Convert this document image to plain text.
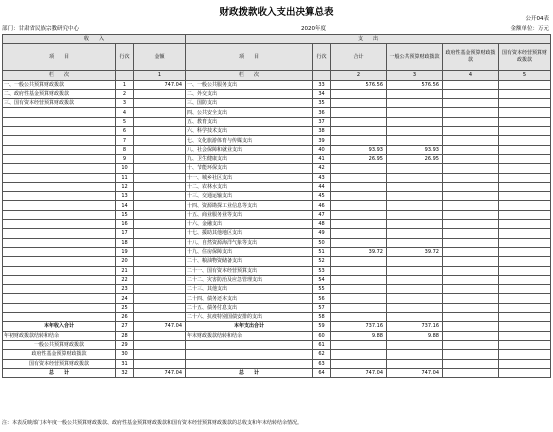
财政拨款收入支出决算总表
公开04表
部门：甘肃省民族宗教研究中心	2020年度	金额单位：万元
收　　入			支　　出					
项　　目	行次	金额	项　　目	行次	合计	一般公共预算财政拨款	政府性基金预算财政拨款	国有资本经营预算财政拨款
栏　　次		1	栏　　次		2	3	4	5
一、一般公共预算财政拨款	1	747.04	一、一般公共服务支出	33	576.56	576.56		
二、政府性基金预算财政拨款	2		二、外交支出	34				
三、国有资本经营预算财政拨款	3		三、国防支出	35				
	4		四、公共安全支出	36				
	5		五、教育支出	37				
	6		六、科学技术支出	38				
	7		七、文化旅游体育与传媒支出	39				
	8		八、社会保障和就业支出	40	93.93	93.93		
	9		九、卫生健康支出	41	26.95	26.95		
	10		十、节能环保支出	42				
	11		十一、城乡社区支出	43				
	12		十二、农林水支出	44				
	13		十三、交通运输支出	45				
	14		十四、资源勘探工业信息等支出	46				
	15		十五、商业服务业等支出	47				
	16		十六、金融支出	48				
	17		十七、援助其他地区支出	49				
	18		十八、自然资源海洋气象等支出	50				
	19		十九、住房保障支出	51	39.72	39.72		
	20		二十、粮油物资储备支出	52				
	21		二十一、国有资本经营预算支出	53				
	22		二十二、灾害防治及应急管理支出	54				
	23		二十三、其他支出	55				
	24		二十四、债务还本支出	56				
	25		二十五、债务付息支出	57				
	26		二十六、抗疫特别国债安排的支出	58				
本年收入合计	27	747.04	本年支出合计	59	737.16	737.16		
年初财政拨款结转和结余	28		年末财政拨款结转和结余	60	9.88	9.88		
一般公共预算财政拨款	29			61				
政府性基金预算财政拨款	30			62				
国有资本经营预算财政拨款	31			63				
总　　计	32	747.04	总　　计	64	747.04	747.04		
注：本表反映部门本年度一般公共预算财政拨款、政府性基金预算财政拨款和国有资本经营预算财政拨款的总收支和年末结转结余情况。
